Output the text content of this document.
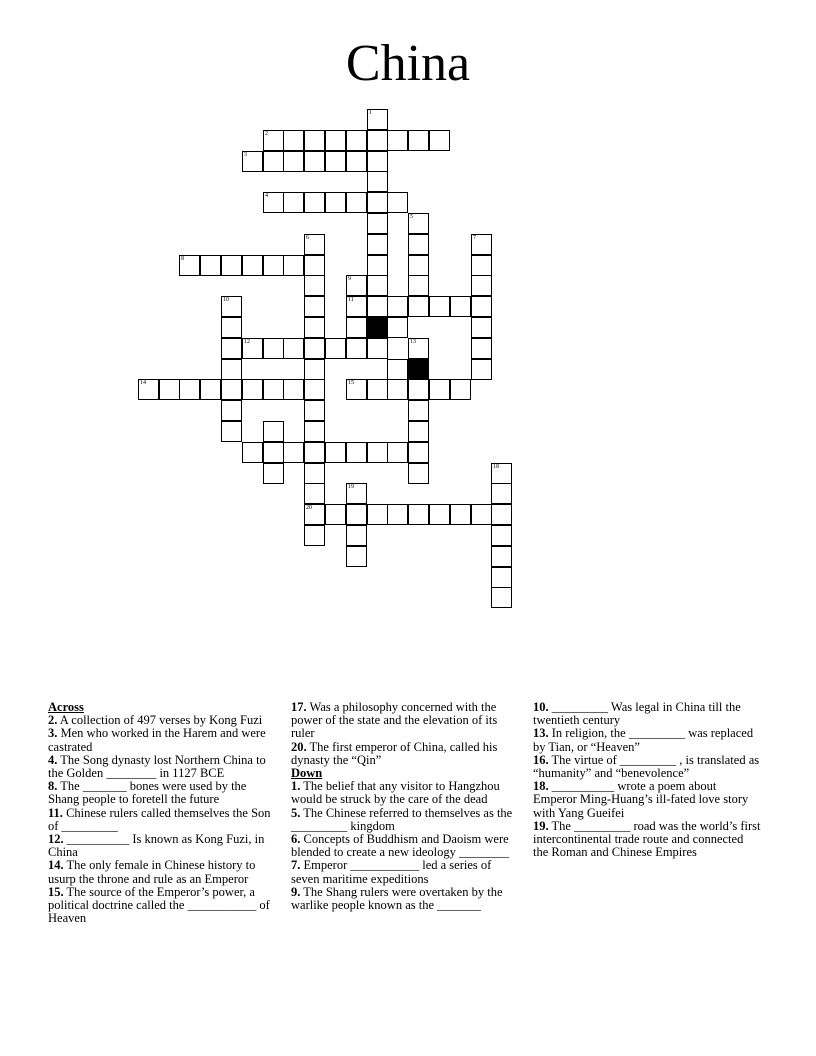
China
1
2
3
4
5
6	7
8
9
10	11
12	13
14	15
18
19
20
Across
2. A collection of 497 verses by Kong Fuzi
3. Men who worked in the Harem and were castrated
4. The Song dynasty lost Northern China to the Golden ________ in 1127 BCE
8. The _______ bones were used by the Shang people to foretell the future
11. Chinese rulers called themselves the Son of _________
12. __________ Is known as Kong Fuzi, in China
14. The only female in Chinese history to usurp the throne and rule as an Emperor
15. The source of the Emperor’s power, a political doctrine called the ___________ of Heaven
17. Was a philosophy concerned with the power of the state and the elevation of its ruler
20. The first emperor of China, called his dynasty the “Qin”
Down
1. The belief that any visitor to Hangzhou would be struck by the care of the dead
5. The Chinese referred to themselves as the _________ kingdom
6. Concepts of Buddhism and Daoism were blended to create a new ideology ________
7. Emperor ___________ led a series of seven maritime expeditions
9. The Shang rulers were overtaken by the warlike people known as the _______
10. _________ Was legal in China till the twentieth century
13. In religion, the _________ was replaced by Tian, or “Heaven”
16. The virtue of _________ , is translated as “humanity” and “benevolence”
18. __________ wrote a poem about Emperor Ming-Huang’s ill-fated love story with Yang Gueifei
19. The _________ road was the world’s first intercontinental trade route and connected the Roman and Chinese Empires
